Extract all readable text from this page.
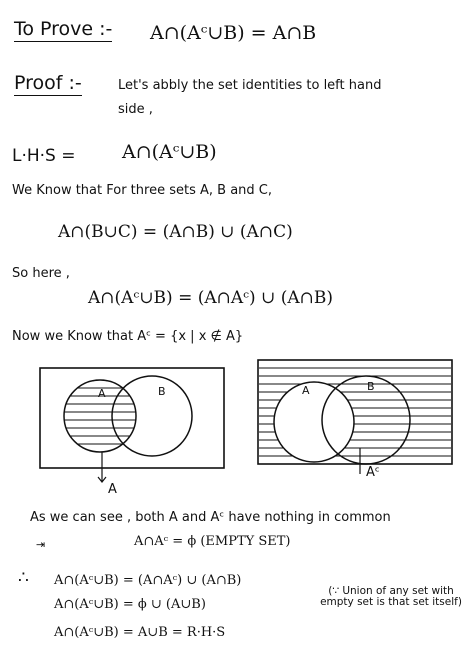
To Prove :- A∩(Aᶜ∪B) = A∩B
Proof :-	Let's abbly the set identities to left hand
side ,
L·H·S = A∩(Aᶜ∪B)
We Know that For three sets A, B and C,
A∩(B∪C) = (A∩B) ∪ (A∩C)
So here ,
A∩(Aᶜ∪B) = (A∩Aᶜ) ∪ (A∩B)
Now we Know that Aᶜ = {x | x ∉ A}
A	B
A
A	B
Aᶜ
As we can see , both A and Aᶜ have nothing in common
⇥	A∩Aᶜ = ϕ (EMPTY SET)
∴ A∩(Aᶜ∪B) = (A∩Aᶜ) ∪ (A∩B)
A∩(Aᶜ∪B) = ϕ ∪ (A∪B)
A∩(Aᶜ∪B) = A∪B = R·H·S
(∵ Union of any set with empty set is that set itself)
